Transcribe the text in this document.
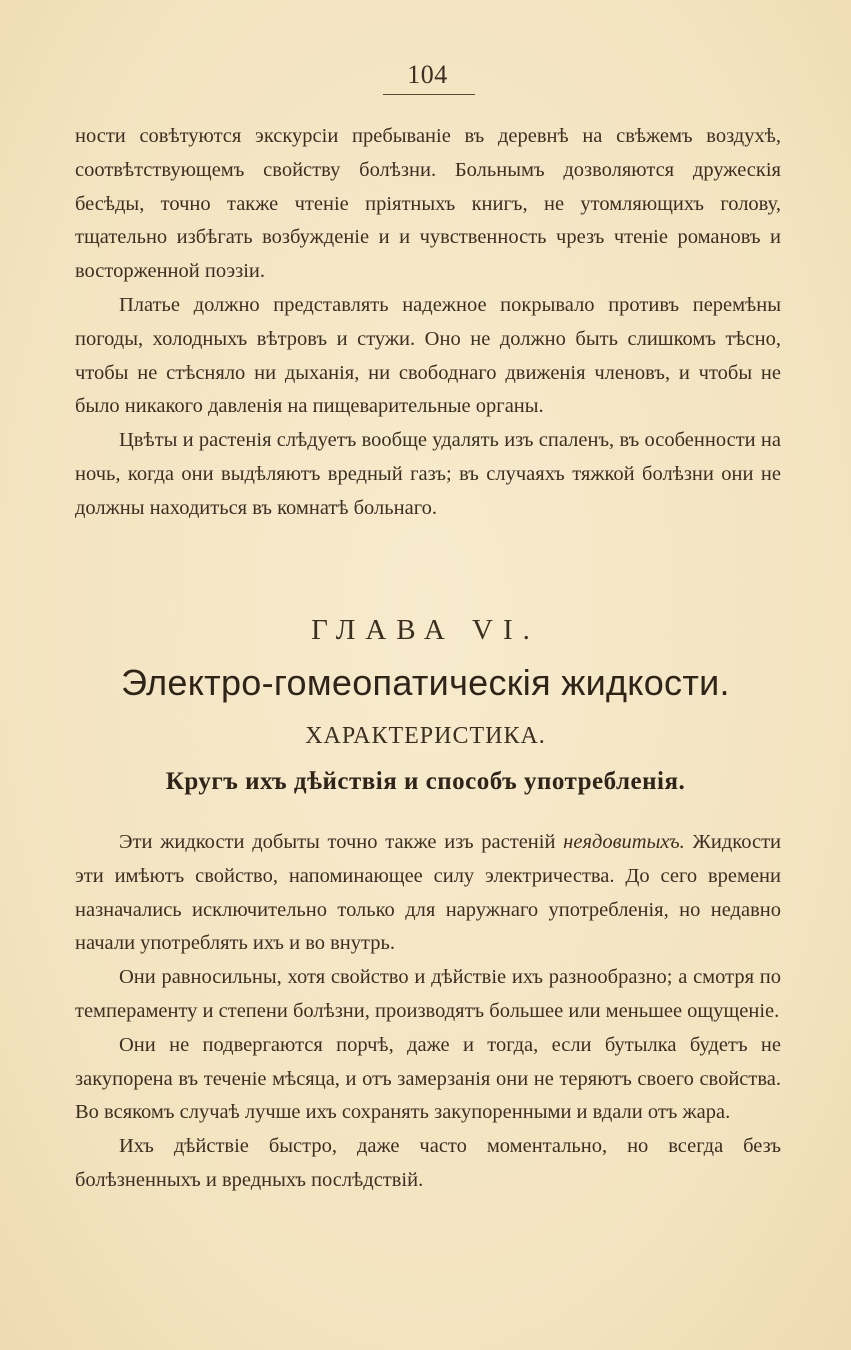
104

ности совѣтуются экскурсіи пребываніе въ деревнѣ на свѣжемъ воздухѣ, соотвѣтствующемъ свойству болѣзни. Больнымъ дозволяются дружескія бесѣды, точно также чтеніе пріятныхъ книгъ, не утомляющихъ голову, тщательно избѣгать возбужденіе и и чувственность чрезъ чтеніе романовъ и восторженной поэзіи.

Платье должно представлять надежное покрывало противъ перемѣны погоды, холодныхъ вѣтровъ и стужи. Оно не должно быть слишкомъ тѣсно, чтобы не стѣсняло ни дыханія, ни свободнаго движенія членовъ, и чтобы не было никакого давленія на пищеварительные органы.

Цвѣты и растенія слѣдуетъ вообще удалять изъ спаленъ, въ особенности на ночь, когда они выдѣляютъ вредный газъ; въ случаяхъ тяжкой болѣзни они не должны находиться въ комнатѣ больнаго.

ГЛАВА VI.
Электро-гомеопатическія жидкости.
ХАРАКТЕРИСТИКА.
Кругъ ихъ дѣйствія и способъ употребленія.

Эти жидкости добыты точно также изъ растеній неядовитыхъ. Жидкости эти имѣютъ свойство, напоминающее силу электричества. До сего времени назначались исключительно только для наружнаго употребленія, но недавно начали употреблять ихъ и во внутрь.

Они равносильны, хотя свойство и дѣйствіе ихъ разнообразно; а смотря по темпераменту и степени болѣзни, производятъ большее или меньшее ощущеніе.

Они не подвергаются порчѣ, даже и тогда, если бутылка будетъ не закупорена въ теченіе мѣсяца, и отъ замерзанія они не теряютъ своего свойства. Во всякомъ случаѣ лучше ихъ сохранять закупоренными и вдали отъ жара.

Ихъ дѣйствіе быстро, даже часто моментально, но всегда безъ болѣзненныхъ и вредныхъ послѣдствій.
